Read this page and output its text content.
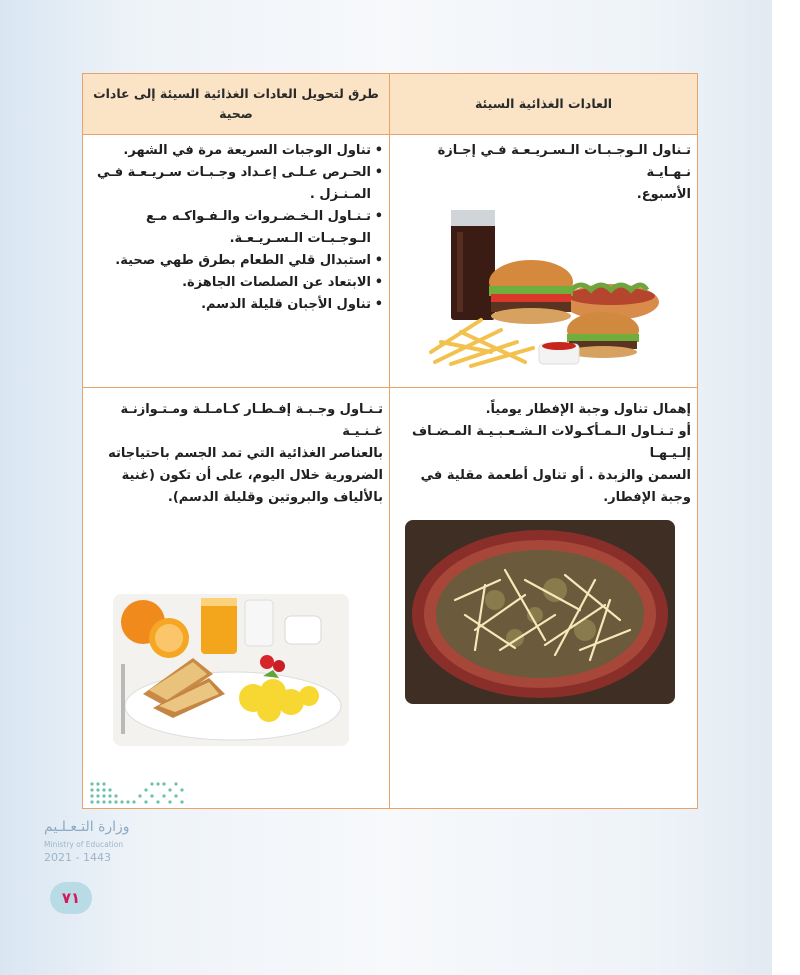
العادات الغذائية السيئة
طرق لتحويل العادات الغذائية السيئة إلى عادات صحية
تـناول الـوجـبـات الـسـريـعـة فـي إجـازة نـهـايـة
الأسبوع.
• تناول الوجبات السريعة مرة في الشهر.
• الحـرص عـلـى إعـداد وجـبـات سـريـعـة فـي المـنـزل .
• تـنـاول الـخـضـروات والـفـواكـه مـع الـوجـبـات الـسـريـعـة.
• استبدال قلي الطعام بطرق طهي صحية.
• الابتعاد عن الصلصات الجاهزة.
• تناول الأجبان قليلة الدسم.
إهمال تناول وجبة الإفطار يومياً.
أو تـنـاول الـمـأكـولات الـشـعـبـيـة المـضـاف إلـيـهـا
السمن والزبدة . أو تناول أطعمة مقلية في
وجبة الإفطار.
تـنـاول وجـبـة إفـطـار كـامـلـة ومـتـوازنـة غـنـيـة
بالعناصر الغذائية التي تمد الجسم باحتياجاته
الضرورية خلال اليوم، على أن تكون (غنية
بالألياف والبروتين وقليلة الدسم).
وزارة التـعـلـيم
Ministry of Education
2021 - 1443
٧١
